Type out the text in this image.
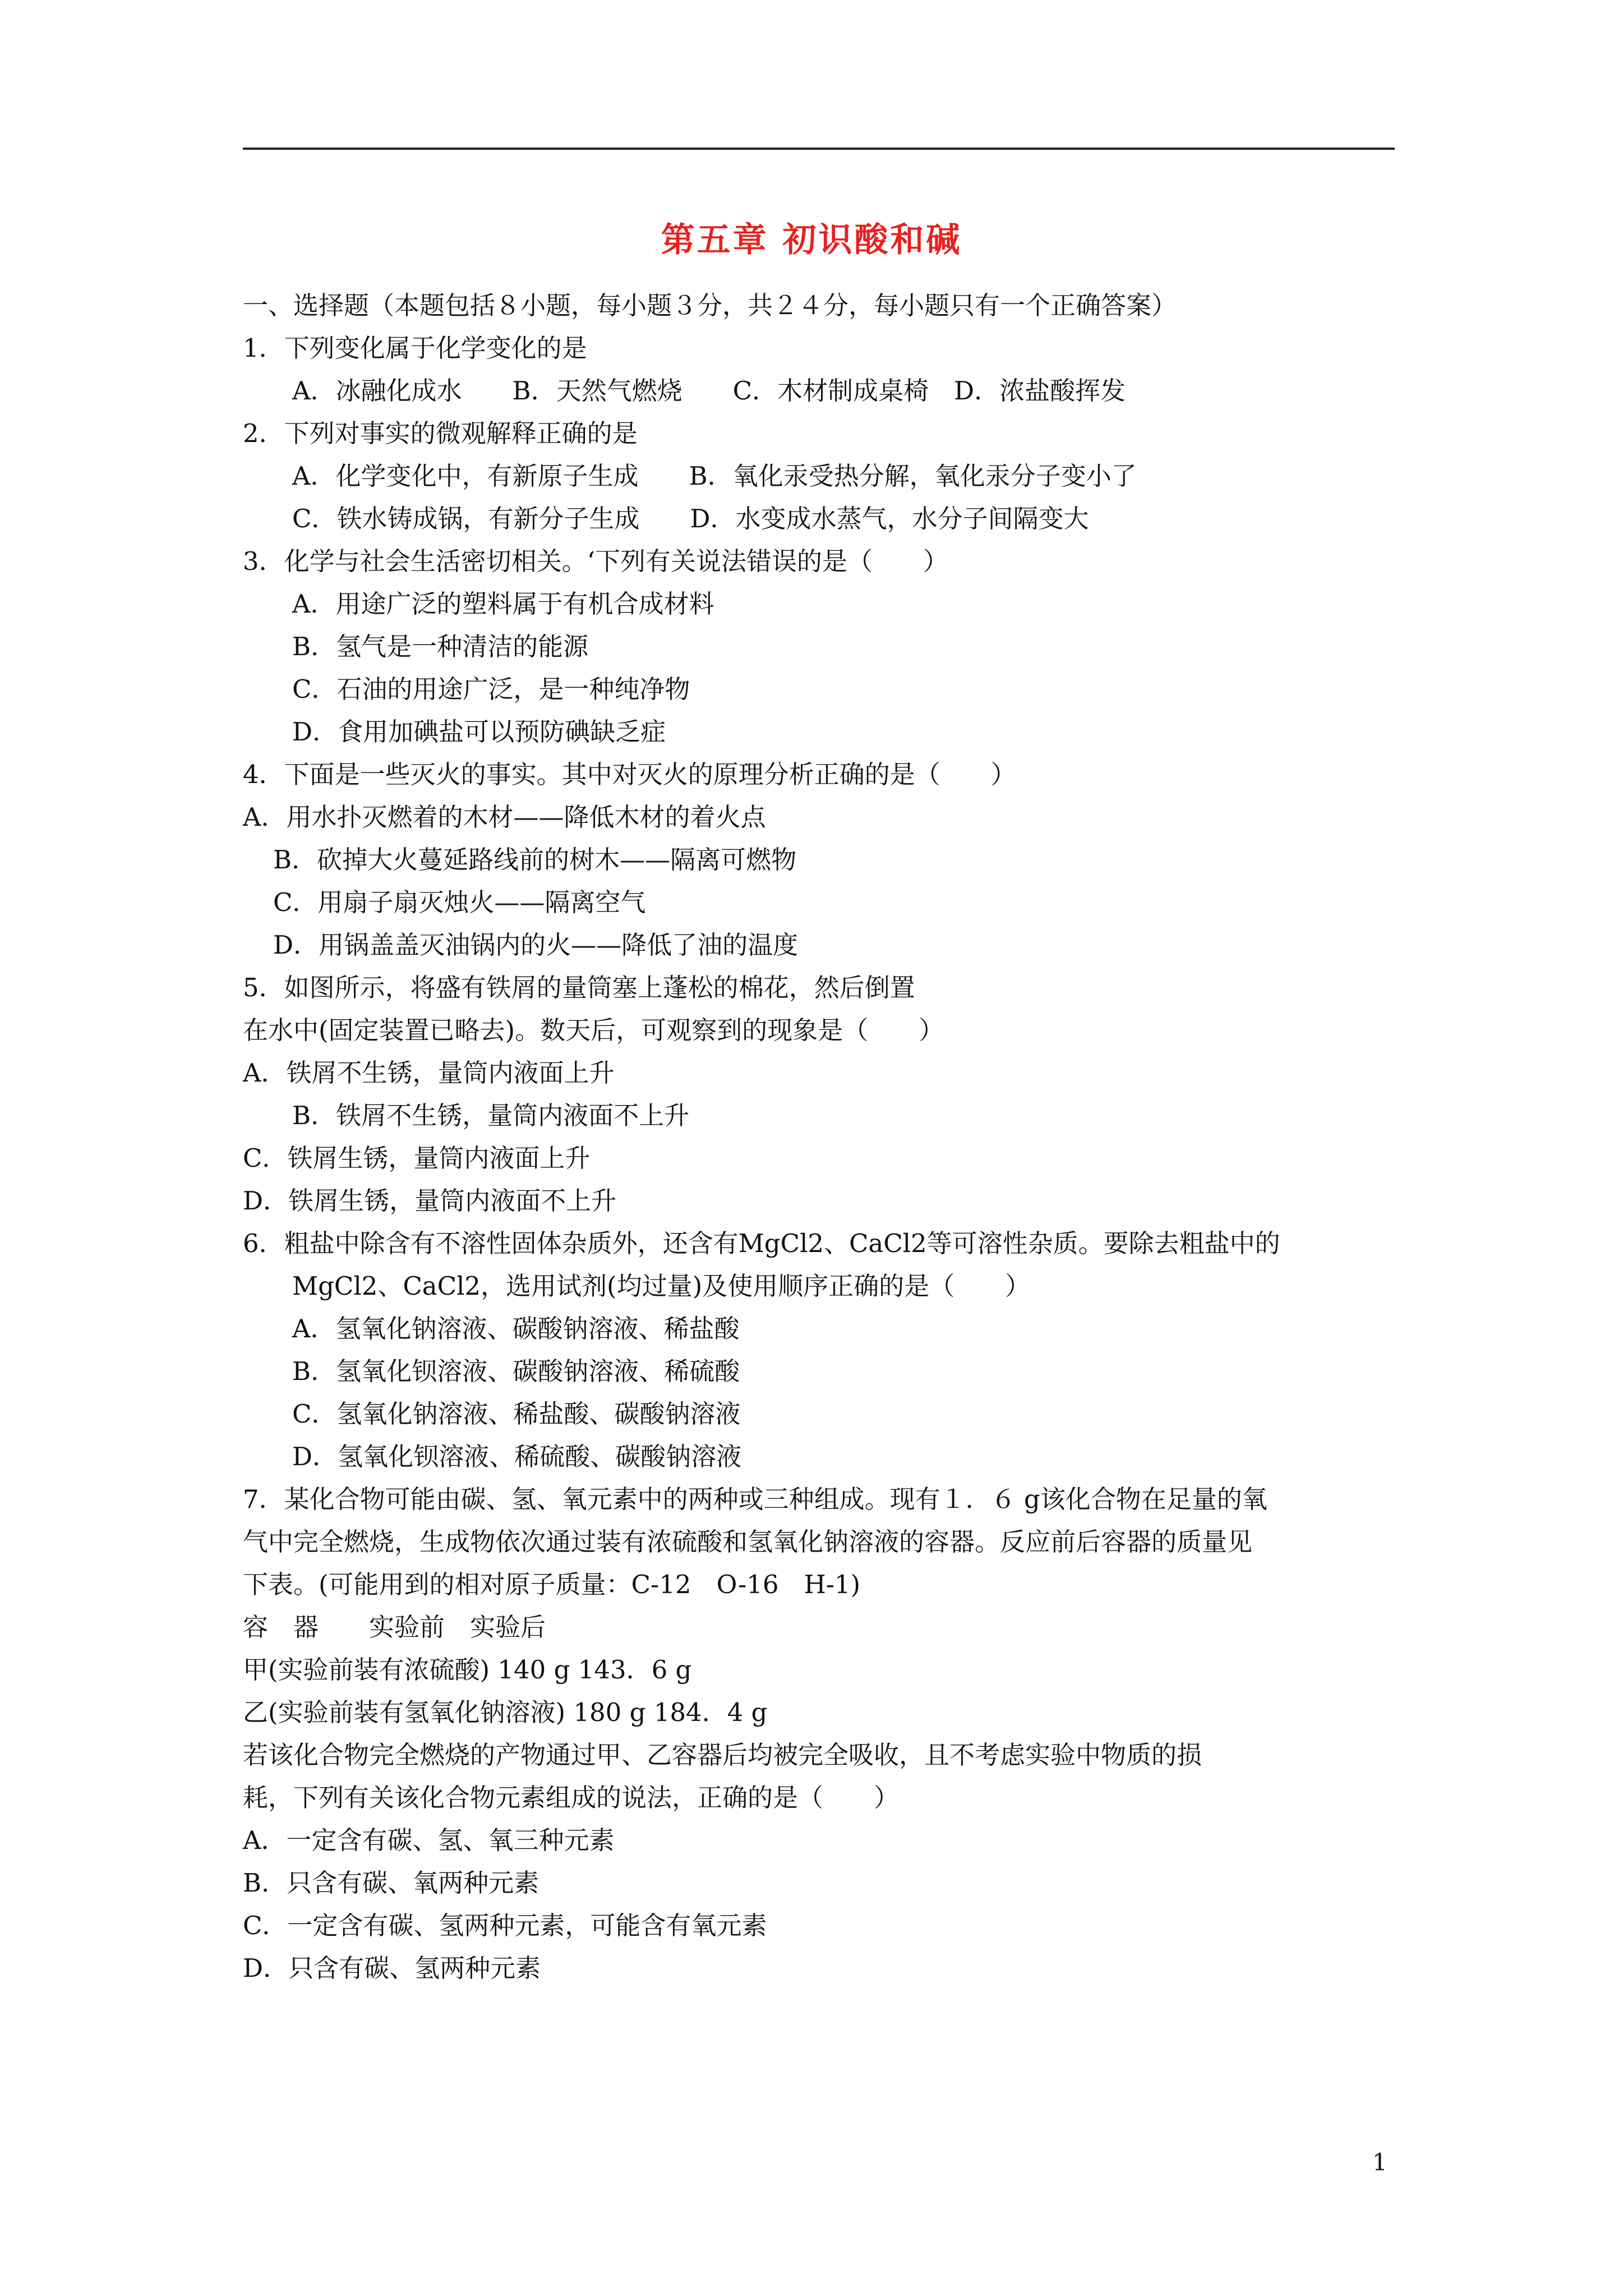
第五章 初识酸和碱
一、选择题（本题包括８小题，每小题３分，共２４分，每小题只有一个正确答案）
1．下列变化属于化学变化的是
A．冰融化成水　　B．天然气燃烧　　C．木材制成桌椅　D．浓盐酸挥发
2．下列对事实的微观解释正确的是
A．化学变化中，有新原子生成　　B．氧化汞受热分解，氧化汞分子变小了
C．铁水铸成锅，有新分子生成　　D．水变成水蒸气，水分子间隔变大
3．化学与社会生活密切相关。‘下列有关说法错误的是（　　）
A．用途广泛的塑料属于有机合成材料
B．氢气是一种清洁的能源
C．石油的用途广泛，是一种纯净物
D．食用加碘盐可以预防碘缺乏症
4．下面是一些灭火的事实。其中对灭火的原理分析正确的是（　　）
A．用水扑灭燃着的木材——降低木材的着火点
B．砍掉大火蔓延路线前的树木——隔离可燃物
C．用扇子扇灭烛火——隔离空气
D．用锅盖盖灭油锅内的火——降低了油的温度
5．如图所示，将盛有铁屑的量筒塞上蓬松的棉花，然后倒置
在水中(固定装置已略去)。数天后，可观察到的现象是（　　）
A．铁屑不生锈，量筒内液面上升
B．铁屑不生锈，量筒内液面不上升
C．铁屑生锈，量筒内液面上升
D．铁屑生锈，量筒内液面不上升
6．粗盐中除含有不溶性固体杂质外，还含有MgCl2、CaCl2等可溶性杂质。要除去粗盐中的
MgCl2、CaCl2，选用试剂(均过量)及使用顺序正确的是（　　）
A．氢氧化钠溶液、碳酸钠溶液、稀盐酸
B．氢氧化钡溶液、碳酸钠溶液、稀硫酸
C．氢氧化钠溶液、稀盐酸、碳酸钠溶液
D．氢氧化钡溶液、稀硫酸、碳酸钠溶液
7．某化合物可能由碳、氢、氧元素中的两种或三种组成。现有１．６ g该化合物在足量的氧
气中完全燃烧，生成物依次通过装有浓硫酸和氢氧化钠溶液的容器。反应前后容器的质量见
下表。(可能用到的相对原子质量：C-12　O-16　H-1)
容　器　　实验前　实验后
甲(实验前装有浓硫酸) 140 g 143．6 g
乙(实验前装有氢氧化钠溶液) 180 g 184．4 g
若该化合物完全燃烧的产物通过甲、乙容器后均被完全吸收，且不考虑实验中物质的损
耗，下列有关该化合物元素组成的说法，正确的是（　　）
A．一定含有碳、氢、氧三种元素
B．只含有碳、氧两种元素
C．一定含有碳、氢两种元素，可能含有氧元素
D．只含有碳、氢两种元素
1
